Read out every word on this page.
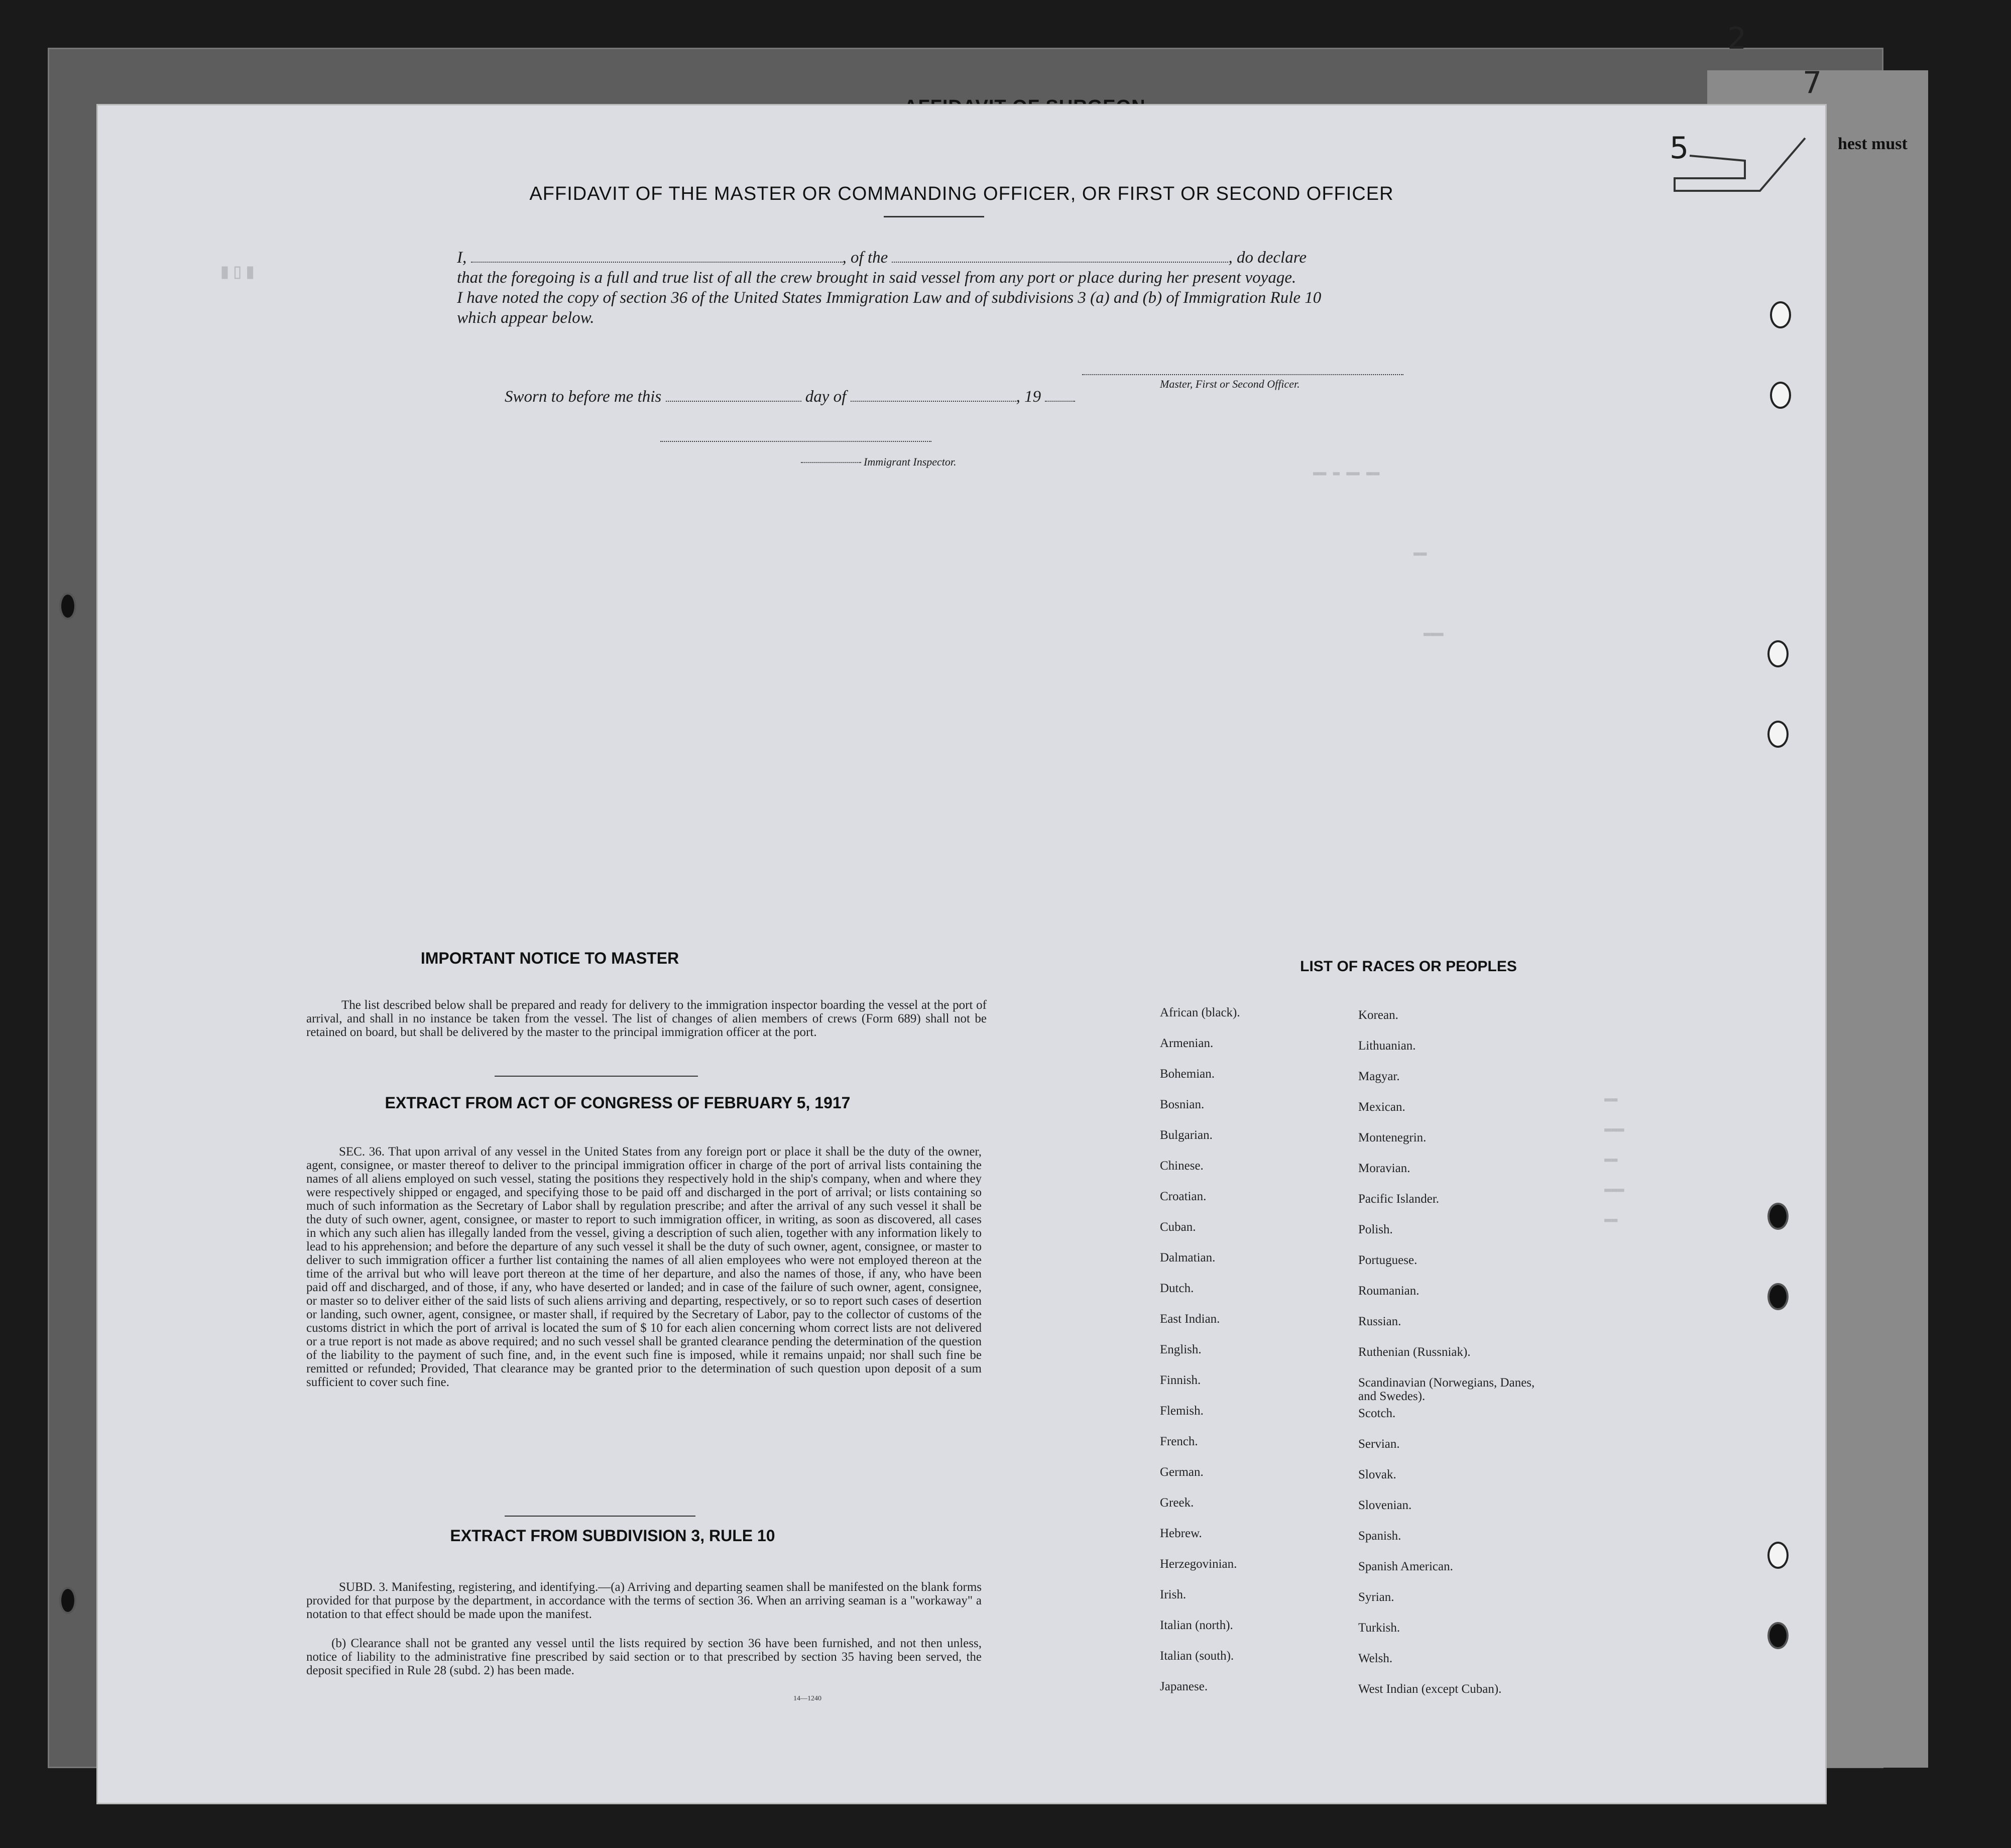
hest must
2
7
5
▮▯▮
AFFIDAVIT OF THE MASTER OR COMMANDING OFFICER, OR FIRST OR SECOND OFFICER
I,	, of the	, do declare
that the foregoing is a full and true list of all the crew brought in said vessel from any port or place during her present voyage.
I have noted the copy of section 36 of the United States Immigration Law and of subdivisions 3 (a) and (b) of Immigration Rule 10
which appear below.
Master, First or Second Officer.
Sworn to before me this	day of	, 19
Immigrant Inspector.
▬▬ ▬ ▬▬ ▬▬
▬▬
▬▬▬
IMPORTANT NOTICE TO MASTER
The list described below shall be prepared and ready for delivery to the immigration inspector boarding the vessel at the port of arrival, and shall in no instance be taken from the vessel. The list of changes of alien members of crews (Form 689) shall not be retained on board, but shall be delivered by the master to the principal immigration officer at the port.
EXTRACT FROM ACT OF CONGRESS OF FEBRUARY 5, 1917
SEC. 36. That upon arrival of any vessel in the United States from any foreign port or place it shall be the duty of the owner, agent, consignee, or master thereof to deliver to the principal immigration officer in charge of the port of arrival lists containing the names of all aliens employed on such vessel, stating the positions they respectively hold in the ship's company, when and where they were respectively shipped or engaged, and specifying those to be paid off and discharged in the port of arrival; or lists containing so much of such information as the Secretary of Labor shall by regulation prescribe; and after the arrival of any such vessel it shall be the duty of such owner, agent, consignee, or master to report to such immigration officer, in writing, as soon as discovered, all cases in which any such alien has illegally landed from the vessel, giving a description of such alien, together with any information likely to lead to his apprehension; and before the departure of any such vessel it shall be the duty of such owner, agent, consignee, or master to deliver to such immigration officer a further list containing the names of all alien employees who were not employed thereon at the time of the arrival but who will leave port thereon at the time of her departure, and also the names of those, if any, who have been paid off and discharged, and of those, if any, who have deserted or landed; and in case of the failure of such owner, agent, consignee, or master so to deliver either of the said lists of such aliens arriving and departing, respectively, or so to report such cases of desertion or landing, such owner, agent, consignee, or master shall, if required by the Secretary of Labor, pay to the collector of customs of the customs district in which the port of arrival is located the sum of $ 10 for each alien concerning whom correct lists are not delivered or a true report is not made as above required; and no such vessel shall be granted clearance pending the determination of the question of the liability to the payment of such fine, and, in the event such fine is imposed, while it remains unpaid; nor shall such fine be remitted or refunded; Provided, That clearance may be granted prior to the determination of such question upon deposit of a sum sufficient to cover such fine.
EXTRACT FROM SUBDIVISION 3, RULE 10
SUBD. 3. Manifesting, registering, and identifying.—(a) Arriving and departing seamen shall be manifested on the blank forms provided for that purpose by the department, in accordance with the terms of section 36. When an arriving seaman is a "workaway" a notation to that effect should be made upon the manifest.
(b) Clearance shall not be granted any vessel until the lists required by section 36 have been furnished, and not then unless, notice of liability to the administrative fine prescribed by said section or to that prescribed by section 35 having been served, the deposit specified in Rule 28 (subd. 2) has been made.
14—1240
LIST OF RACES OR PEOPLES
African (black).
Armenian.
Bohemian.
Bosnian.
Bulgarian.
Chinese.
Croatian.
Cuban.
Dalmatian.
Dutch.
East Indian.
English.
Finnish.
Flemish.
French.
German.
Greek.
Hebrew.
Herzegovinian.
Irish.
Italian (north).
Italian (south).
Japanese.
Korean.
Lithuanian.
Magyar.
Mexican.
Montenegrin.
Moravian.
Pacific Islander.
Polish.
Portuguese.
Roumanian.
Russian.
Ruthenian (Russniak).
Scandinavian (Norwegians, Danes, and Swedes).
Scotch.
Servian.
Slovak.
Slovenian.
Spanish.
Spanish American.
Syrian.
Turkish.
Welsh.
West Indian (except Cuban).
▬▬
▬▬▬
▬▬
▬▬▬
▬▬
